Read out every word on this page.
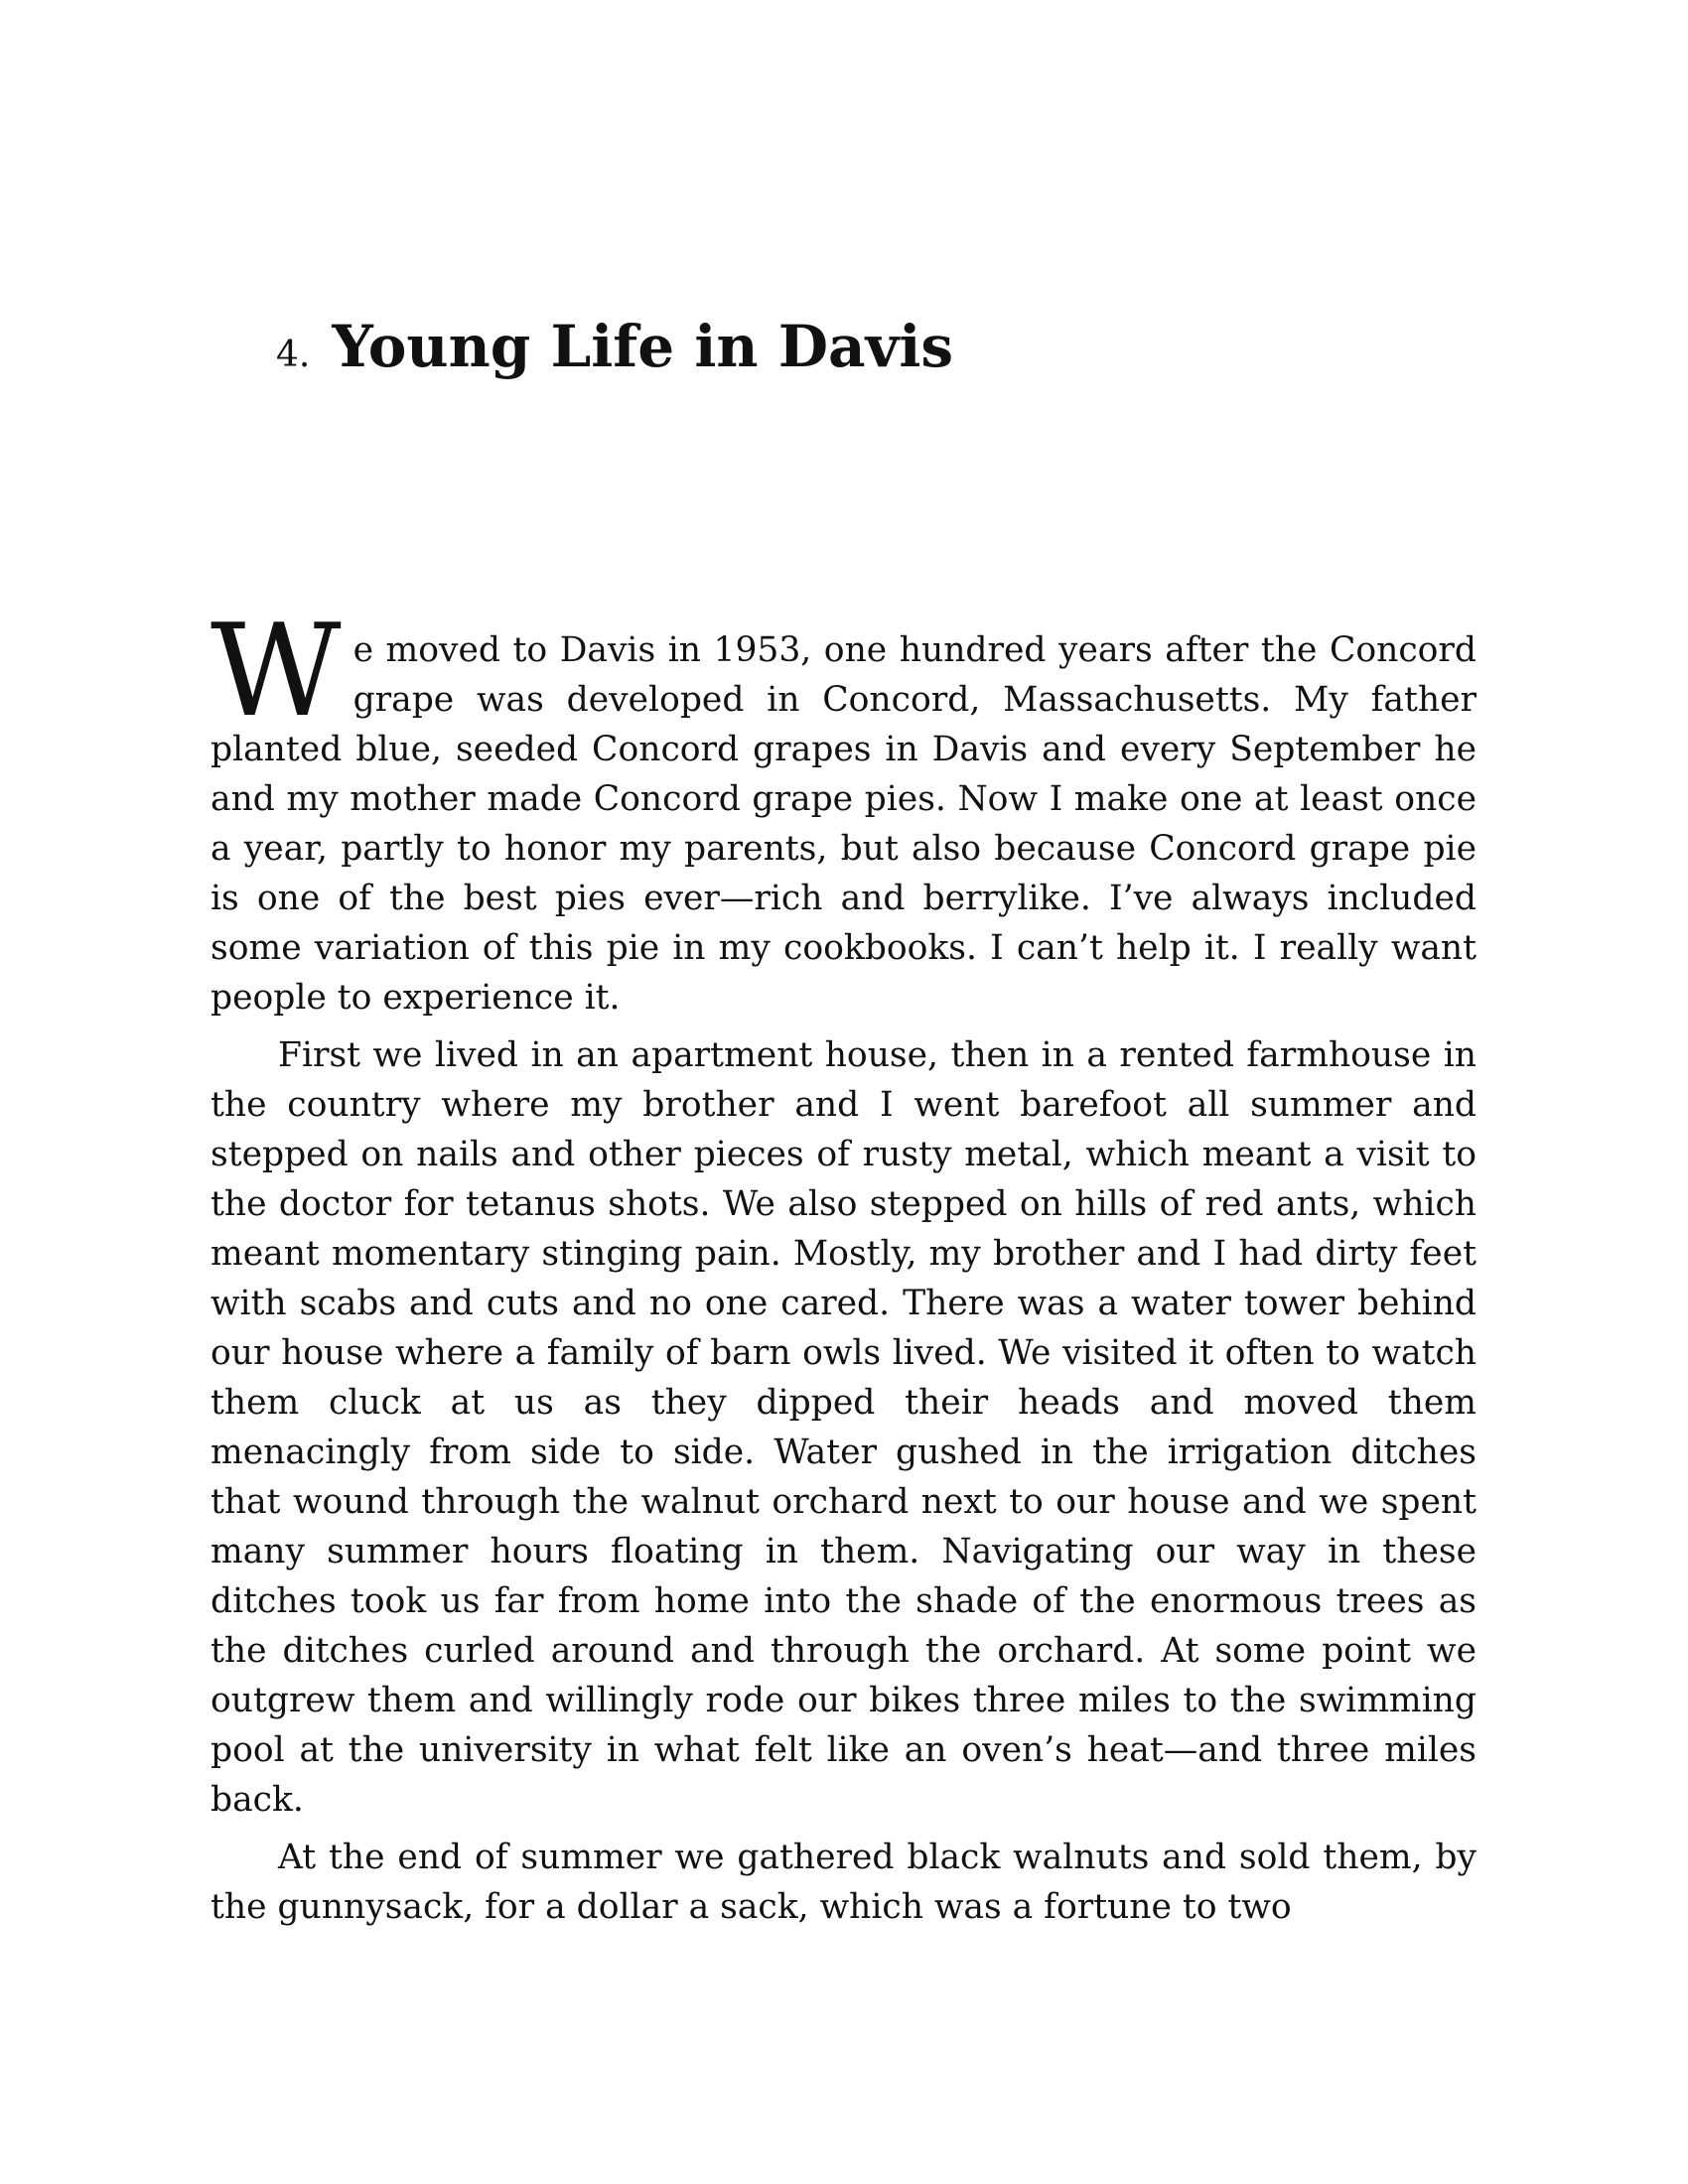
4. Young Life in Davis

We moved to Davis in 1953, one hundred years after the Concord grape was developed in Concord, Massachusetts. My father planted blue, seeded Concord grapes in Davis and every September he and my mother made Concord grape pies. Now I make one at least once a year, partly to honor my parents, but also because Concord grape pie is one of the best pies ever—rich and berrylike. I’ve always included some variation of this pie in my cookbooks. I can’t help it. I really want people to experience it.

First we lived in an apartment house, then in a rented farmhouse in the country where my brother and I went barefoot all summer and stepped on nails and other pieces of rusty metal, which meant a visit to the doctor for tetanus shots. We also stepped on hills of red ants, which meant momentary stinging pain. Mostly, my brother and I had dirty feet with scabs and cuts and no one cared. There was a water tower behind our house where a family of barn owls lived. We visited it often to watch them cluck at us as they dipped their heads and moved them menacingly from side to side. Water gushed in the irrigation ditches that wound through the walnut orchard next to our house and we spent many summer hours floating in them. Navigating our way in these ditches took us far from home into the shade of the enormous trees as the ditches curled around and through the orchard. At some point we outgrew them and willingly rode our bikes three miles to the swimming pool at the university in what felt like an oven’s heat—and three miles back.

At the end of summer we gathered black walnuts and sold them, by the gunnysack, for a dollar a sack, which was a fortune to two
